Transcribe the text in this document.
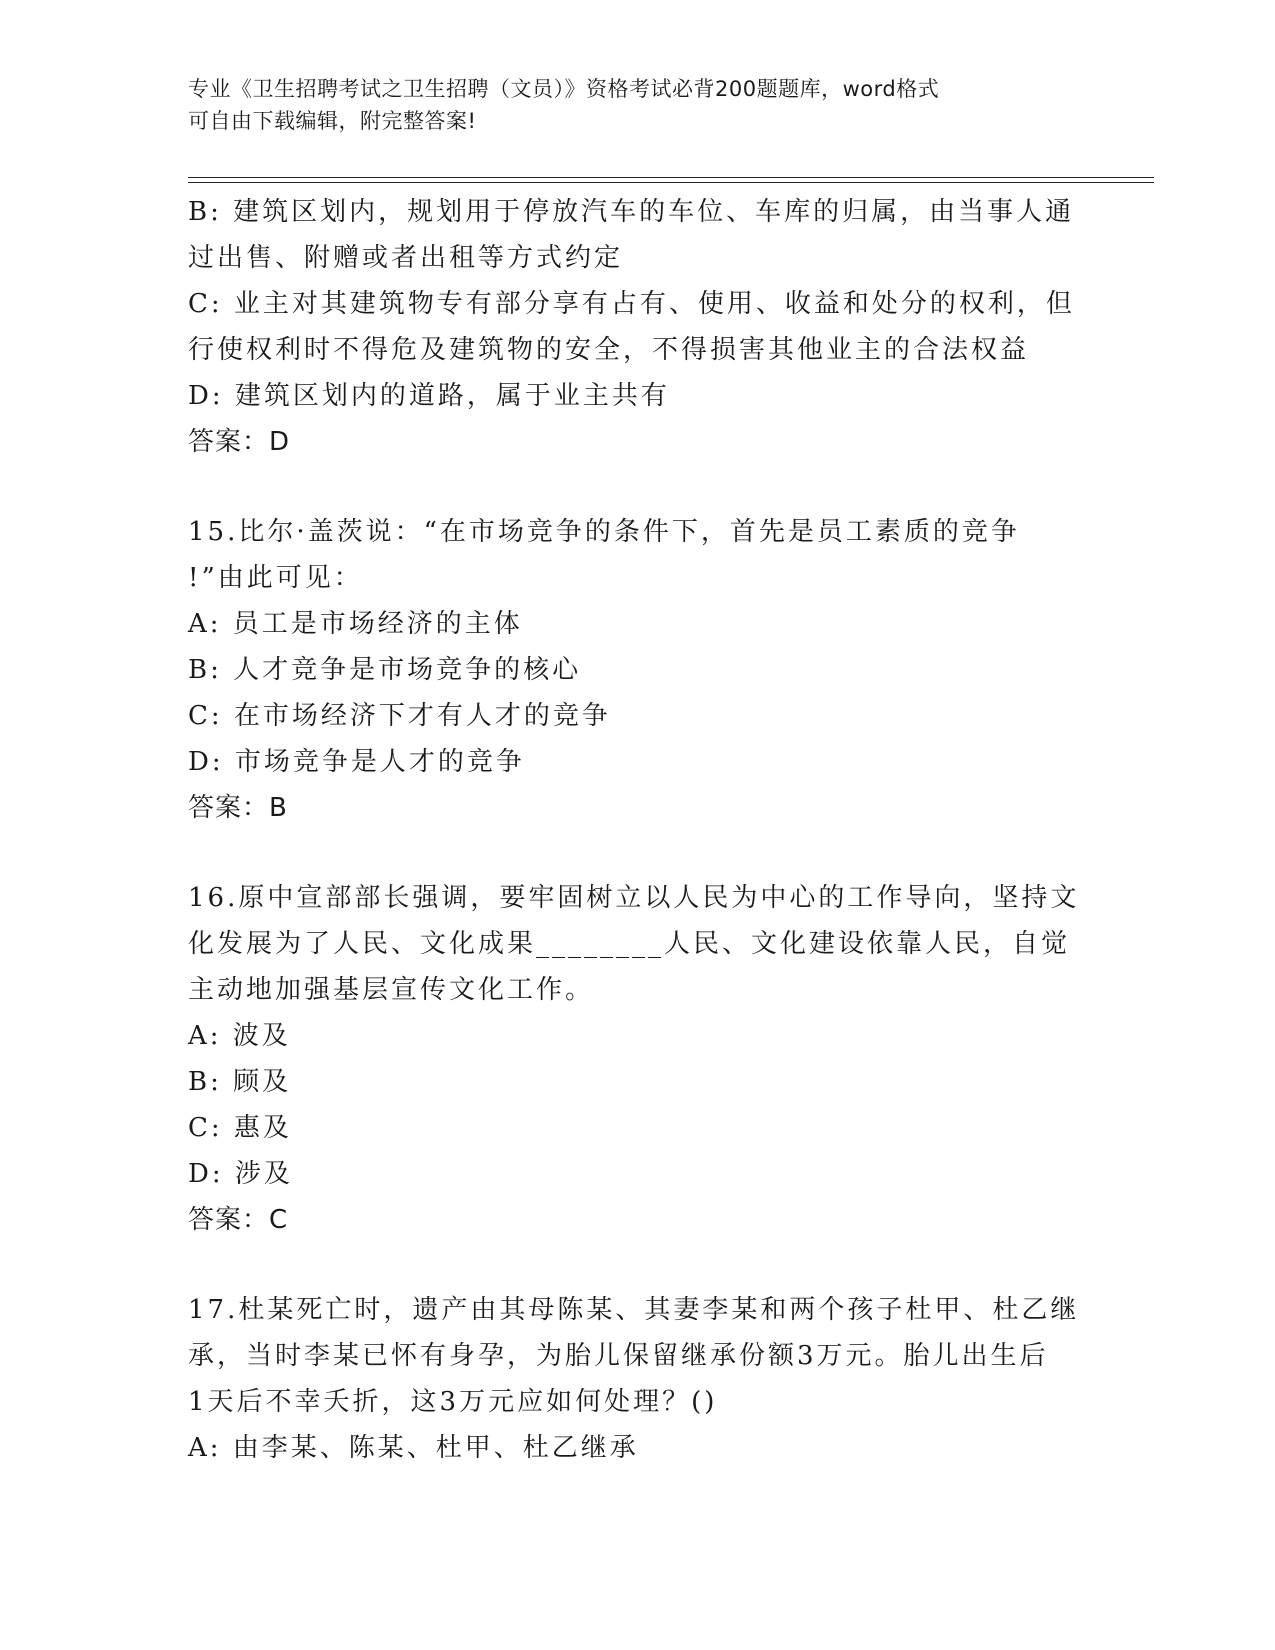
专业《卫生招聘考试之卫生招聘（文员）》资格考试必背200题题库，word格式
可自由下载编辑，附完整答案!

B: 建筑区划内，规划用于停放汽车的车位、车库的归属，由当事人通

过出售、附赠或者出租等方式约定

C: 业主对其建筑物专有部分享有占有、使用、收益和处分的权利，但

行使权利时不得危及建筑物的安全，不得损害其他业主的合法权益

D: 建筑区划内的道路，属于业主共有

答案：D

15.比尔·盖茨说：“在市场竞争的条件下，首先是员工素质的竞争

!”由此可见：

A: 员工是市场经济的主体

B: 人才竞争是市场竞争的核心

C: 在市场经济下才有人才的竞争

D: 市场竞争是人才的竞争

答案：B

16.原中宣部部长强调，要牢固树立以人民为中心的工作导向，坚持文

化发展为了人民、文化成果________人民、文化建设依靠人民，自觉

主动地加强基层宣传文化工作。

A: 波及

B: 顾及

C: 惠及

D: 涉及

答案：C

17.杜某死亡时，遗产由其母陈某、其妻李某和两个孩子杜甲、杜乙继

承，当时李某已怀有身孕，为胎儿保留继承份额3万元。胎儿出生后

1天后不幸夭折，这3万元应如何处理？()

A: 由李某、陈某、杜甲、杜乙继承
